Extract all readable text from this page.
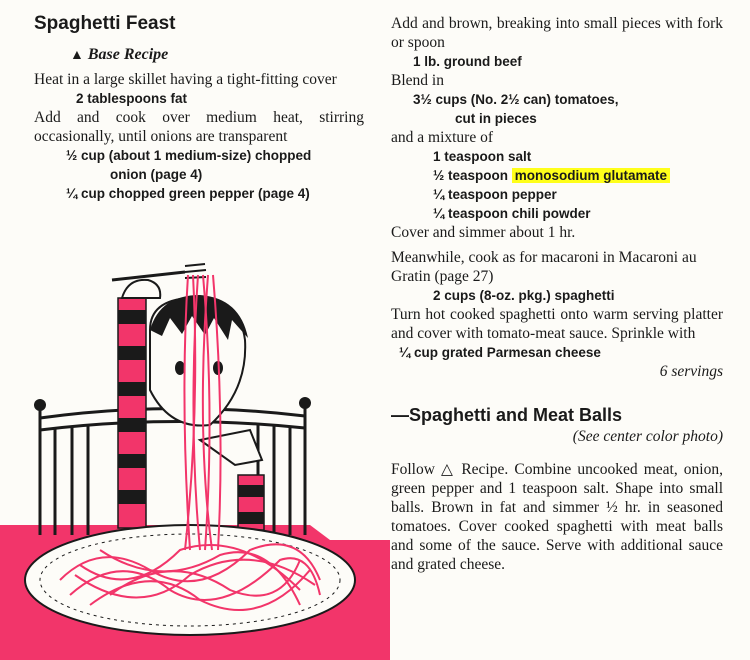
Spaghetti Feast
▲ Base Recipe
Heat in a large skillet having a tight-fitting cover
2 tablespoons fat
Add and cook over medium heat, stirring occasionally, until onions are transparent
½ cup (about 1 medium-size) chopped
onion (page 4)
¼ cup chopped green pepper (page 4)
Add and brown, breaking into small pieces with fork or spoon
1 lb. ground beef
Blend in
3½ cups (No. 2½ can) tomatoes,
cut in pieces
and a mixture of
1 teaspoon salt
½ teaspoon monosodium glutamate
¼ teaspoon pepper
¼ teaspoon chili powder
Cover and simmer about 1 hr.
Meanwhile, cook as for macaroni in Macaroni au Gratin (page 27)
2 cups (8-oz. pkg.) spaghetti
Turn hot cooked spaghetti onto warm serving platter and cover with tomato-meat sauce. Sprinkle with
¼ cup grated Parmesan cheese
6 servings
—Spaghetti and Meat Balls
(See center color photo)
Follow △ Recipe. Combine uncooked meat, onion, green pepper and 1 teaspoon salt. Shape into small balls. Brown in fat and simmer ½ hr. in seasoned tomatoes. Cover cooked spaghetti with meat balls and some of the sauce. Serve with additional sauce and grated cheese.
